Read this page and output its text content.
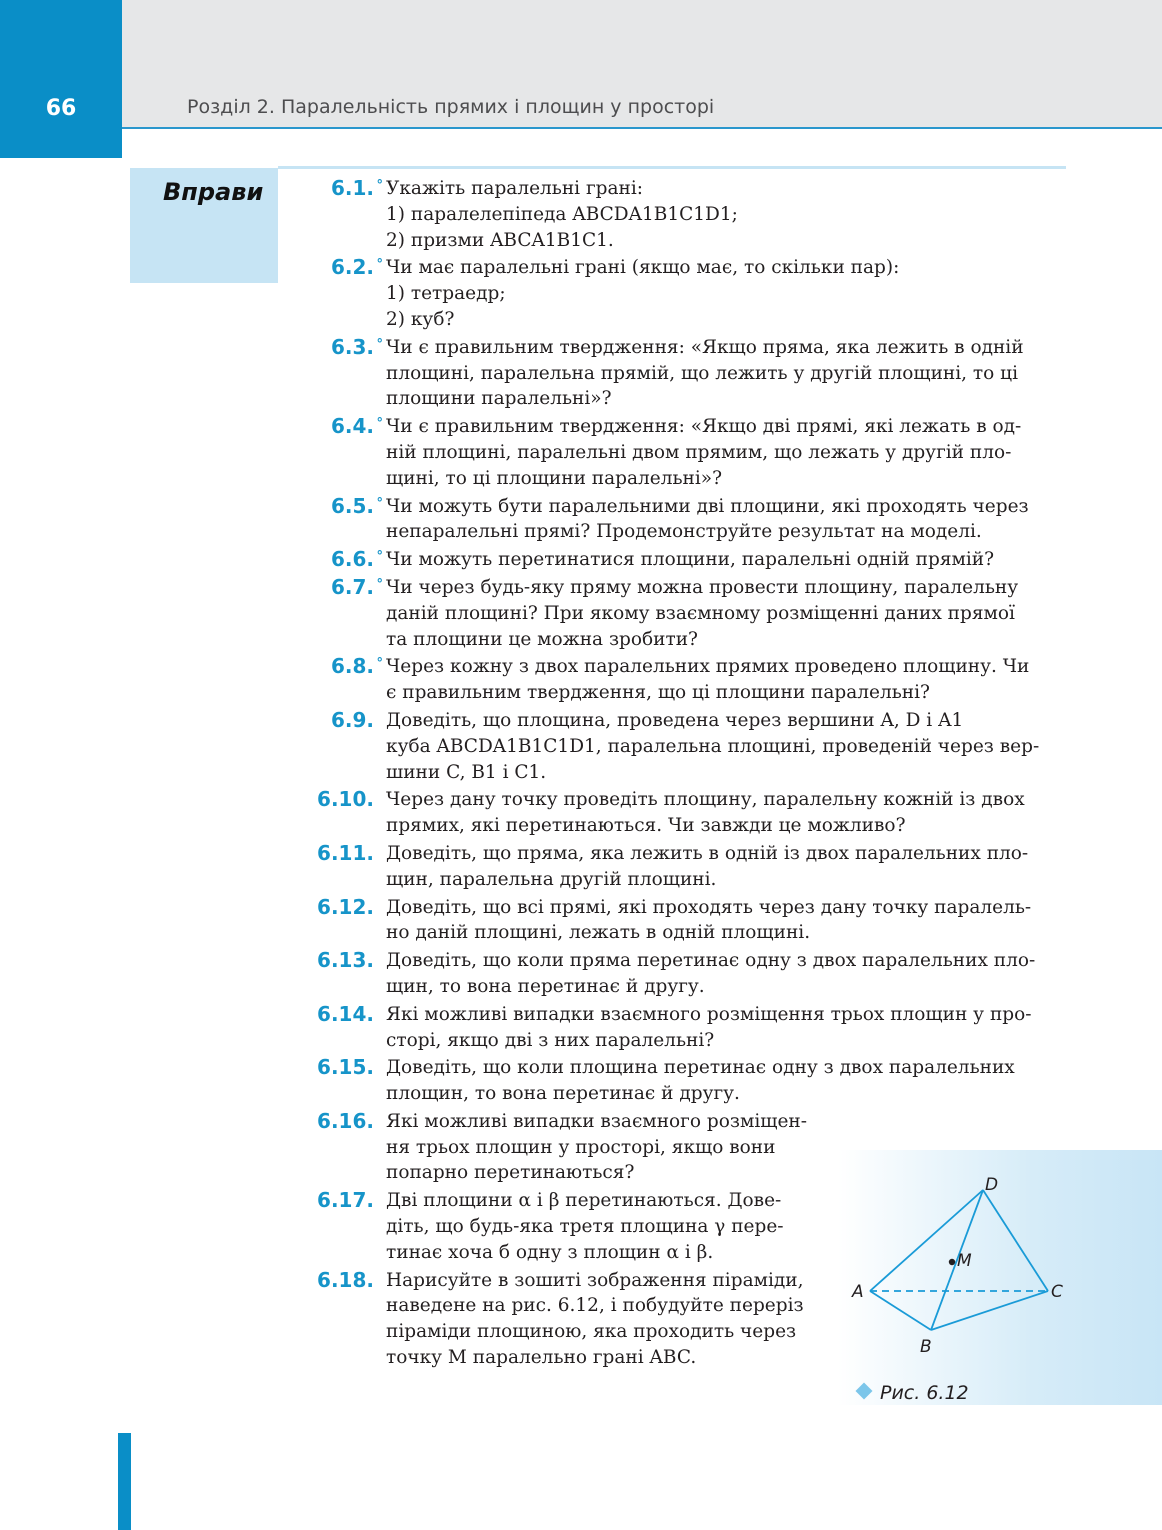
66	Розділ 2. Паралельність прямих і площин у просторі
Вправи	6.1. ° Укажіть паралельні грані:
1) паралелепіпеда ABCDA1B1C1D1;
2) призми ABCA1B1C1.
6.2. ° Чи має паралельні грані (якщо має, то скільки пар):
1) тетраедр;
2) куб?
6.3. ° Чи є правильним твердження: «Якщо пряма, яка лежить в одній
площині, паралельна прямій, що лежить у другій площині, то ці
площини паралельні»?
6.4. ° Чи є правильним твердження: «Якщо дві прямі, які лежать в од-
ній площині, паралельні двом прямим, що лежать у другій пло-
щині, то ці площини паралельні»?
6.5. ° Чи можуть бути паралельними дві площини, які проходять через
непаралельні прямі? Продемонструйте результат на моделі.
6.6. ° Чи можуть перетинатися площини, паралельні одній прямій?
6.7. ° Чи через будь-яку пряму можна провести площину, паралельну
даній площині? При якому взаємному розміщенні даних прямої
та площини це можна зробити?
6.8. ° Через кожну з двох паралельних прямих проведено площину. Чи
є правильним твердження, що ці площини паралельні?
6.9. Доведіть, що площина, проведена через вершини A, D і A1
куба ABCDA1B1C1D1, паралельна площині, проведеній через вер-
шини C, B1 і C1.
6.10. Через дану точку проведіть площину, паралельну кожній із двох
прямих, які перетинаються. Чи завжди це можливо?
6.11. Доведіть, що пряма, яка лежить в одній із двох паралельних пло-
щин, паралельна другій площині.
6.12. Доведіть, що всі прямі, які проходять через дану точку паралель-
но даній площині, лежать в одній площині.
6.13. Доведіть, що коли пряма перетинає одну з двох паралельних пло-
щин, то вона перетинає й другу.
6.14. Які можливі випадки взаємного розміщення трьох площин у про-
сторі, якщо дві з них паралельні?
6.15. Доведіть, що коли площина перетинає одну з двох паралельних
площин, то вона перетинає й другу.
6.16. Які можливі випадки взаємного розміщен-
ня трьох площин у просторі, якщо вони
попарно перетинаються?
6.17. Дві площини α і β перетинаються. Дове-
діть, що будь-яка третя площина γ пере-
тинає хоча б одну з площин α і β.
6.18. Нарисуйте в зошиті зображення піраміди,
наведене на рис. 6.12, і побудуйте переріз
піраміди площиною, яка проходить через
точку M паралельно грані ABC.
D
M
A	C
B
Рис. 6.12
